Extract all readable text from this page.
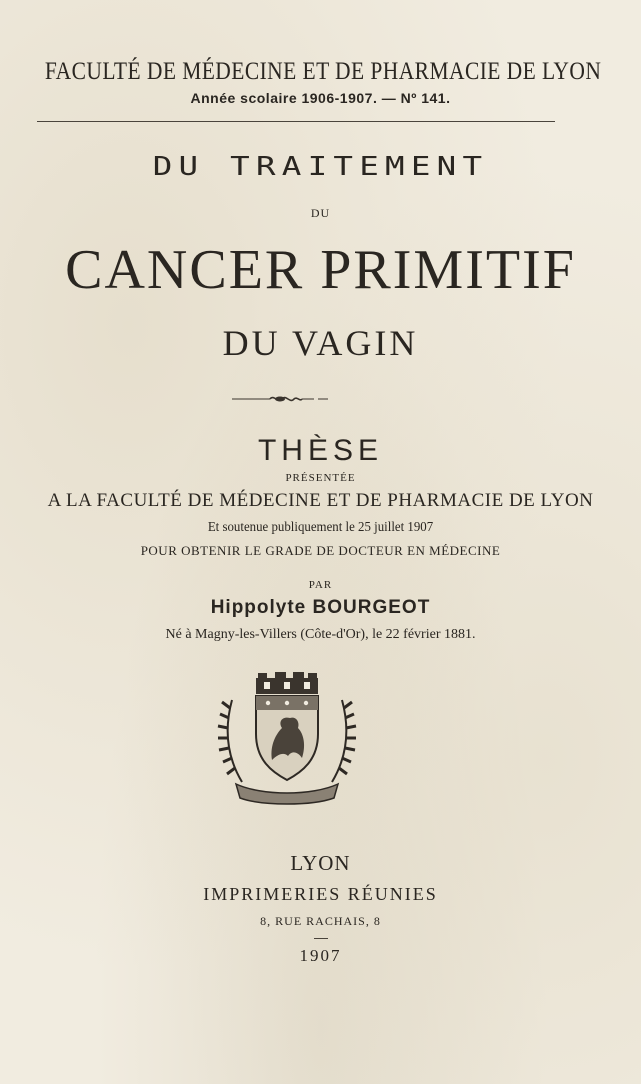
FACULTÉ DE MÉDECINE ET DE PHARMACIE DE LYON
Année scolaire 1906-1907. — Nº 141.
DU TRAITEMENT
DU
CANCER PRIMITIF
DU VAGIN
THÈSE
PRÉSENTÉE
A LA FACULTÉ DE MÉDECINE ET DE PHARMACIE DE LYON
Et soutenue publiquement le 25 juillet 1907
POUR OBTENIR LE GRADE DE DOCTEUR EN MÉDECINE
PAR
Hippolyte BOURGEOT
Né à Magny-les-Villers (Côte-d'Or), le 22 février 1881.
LYON
IMPRIMERIES RÉUNIES
8, RUE RACHAIS, 8
1907
